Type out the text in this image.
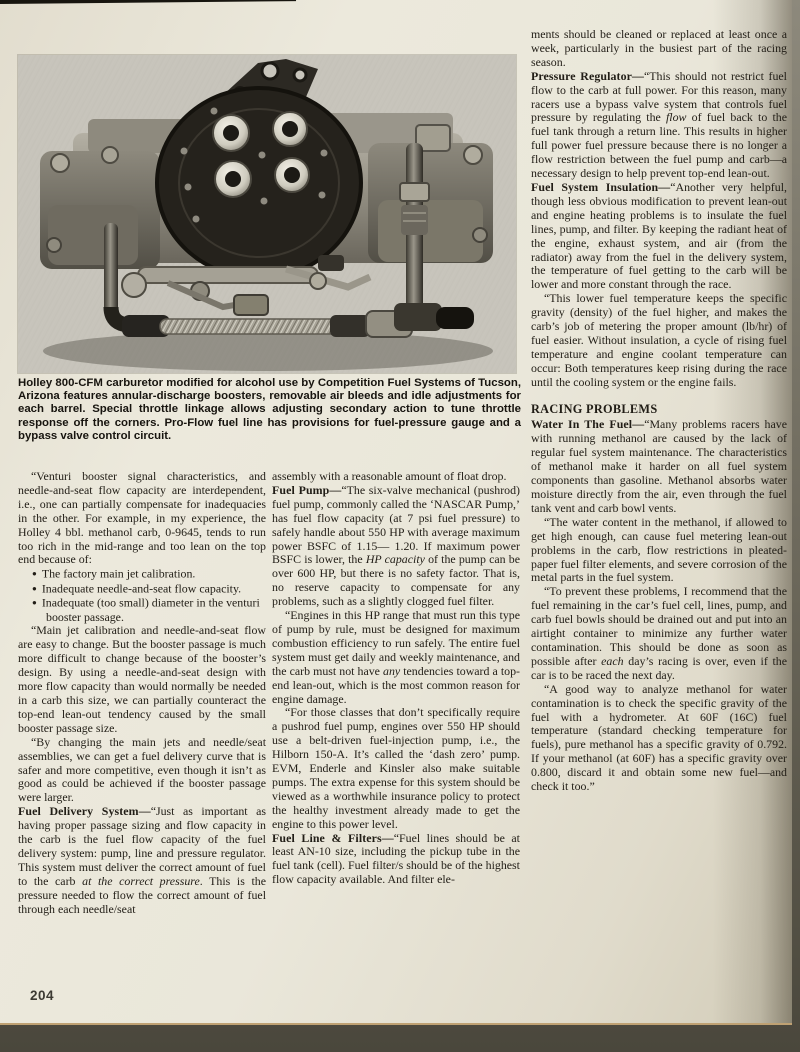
Holley 800-CFM carburetor modified for alcohol use by Competition Fuel Systems of Tucson, Arizona features annular-discharge boosters, removable air bleeds and idle adjustments for each barrel. Special throttle linkage allows adjusting secondary action to tune throttle response off the corners. Pro-Flow fuel line has provisions for fuel-pressure gauge and a bypass valve control circuit.
“Venturi booster signal characteristics, and needle-and-seat flow capacity are interdependent, i.e., one can partially compensate for inadequacies in the other. For example, in my experience, the Holley 4 bbl. methanol carb, 0-9645, tends to run too rich in the mid-range and too lean on the top end because of:
● The factory main jet calibration.
● Inadequate needle-and-seat flow capacity.
● Inadequate (too small) diameter in the venturi booster passage.
“Main jet calibration and needle-and-seat flow are easy to change. But the booster passage is much more difficult to change because of the booster’s design. By using a needle-and-seat design with more flow capacity than would normally be needed in a carb this size, we can partially counteract the top-end lean-out tendency caused by the small booster passage size.
“By changing the main jets and needle/seat assemblies, we can get a fuel delivery curve that is safer and more competitive, even though it isn’t as good as could be achieved if the booster passage were larger.
Fuel Delivery System—“Just as important as having proper passage sizing and flow capacity in the carb is the fuel flow capacity of the fuel delivery system: pump, line and pressure regulator. This system must deliver the correct amount of fuel to the carb at the correct pressure. This is the pressure needed to flow the correct amount of fuel through each needle/seat
assembly with a reasonable amount of float drop.
Fuel Pump—“The six-valve mechanical (pushrod) fuel pump, commonly called the ‘NASCAR Pump,’ has fuel flow capacity (at 7 psi fuel pressure) to safely handle about 550 HP with average maximum power BSFC of 1.15— 1.20. If maximum power BSFC is lower, the HP capacity of the pump can be over 600 HP, but there is no safety factor. That is, no reserve capacity to compensate for any problems, such as a slightly clogged fuel filter.
“Engines in this HP range that must run this type of pump by rule, must be designed for maximum combustion efficiency to run safely. The entire fuel system must get daily and weekly maintenance, and the carb must not have any tendencies toward a top-end lean-out, which is the most common reason for engine damage.
“For those classes that don’t specifically require a pushrod fuel pump, engines over 550 HP should use a belt-driven fuel-injection pump, i.e., the Hilborn 150-A. It’s called the ‘dash zero’ pump. EVM, Enderle and Kinsler also make suitable pumps. The extra expense for this system should be viewed as a worthwhile insurance policy to protect the healthy investment already made to get the engine to this power level.
Fuel Line & Filters—“Fuel lines should be at least AN-10 size, including the pickup tube in the fuel tank (cell). Fuel filter/s should be of the highest flow capacity available. And filter ele-
ments should be cleaned or replaced at least once a week, particularly in the busiest part of the racing season.
Pressure Regulator—“This should not restrict fuel flow to the carb at full power. For this reason, many racers use a bypass valve system that controls fuel pressure by regulating the flow of fuel back to the fuel tank through a return line. This results in higher full power fuel pressure because there is no longer a flow restriction between the fuel pump and carb—a necessary design to help prevent top-end lean-out.
Fuel System Insulation—“Another very helpful, though less obvious modification to prevent lean-out and engine heating problems is to insulate the fuel lines, pump, and filter. By keeping the radiant heat of the engine, exhaust system, and air (from the radiator) away from the fuel in the delivery system, the temperature of fuel getting to the carb will be lower and more constant through the race.
“This lower fuel temperature keeps the specific gravity (density) of the fuel higher, and makes the carb’s job of metering the proper amount (lb/hr) of fuel easier. Without insulation, a cycle of rising fuel temperature and engine coolant temperature can occur: Both temperatures keep rising during the race until the cooling system or the engine fails.
RACING PROBLEMS
Water In The Fuel—“Many problems racers have with running methanol are caused by the lack of regular fuel system maintenance. The characteristics of methanol make it harder on all fuel system components than gasoline. Methanol absorbs water moisture directly from the air, even through the fuel tank vent and carb bowl vents.
“The water content in the methanol, if allowed to get high enough, can cause fuel metering lean-out problems in the carb, flow restrictions in pleated-paper fuel filter elements, and severe corrosion of the metal parts in the fuel system.
“To prevent these problems, I recommend that the fuel remaining in the car’s fuel cell, lines, pump, and carb fuel bowls should be drained out and put into an airtight container to minimize any further water contamination. This should be done as soon as possible after each day’s racing is over, even if the car is to be raced the next day.
“A good way to analyze methanol for water contamination is to check the specific gravity of the fuel with a hydrometer. At 60F (16C) fuel temperature (standard checking temperature for fuels), pure methanol has a specific gravity of 0.792. If your methanol (at 60F) has a specific gravity over 0.800, discard it and obtain some new fuel—and check it too.”
204
